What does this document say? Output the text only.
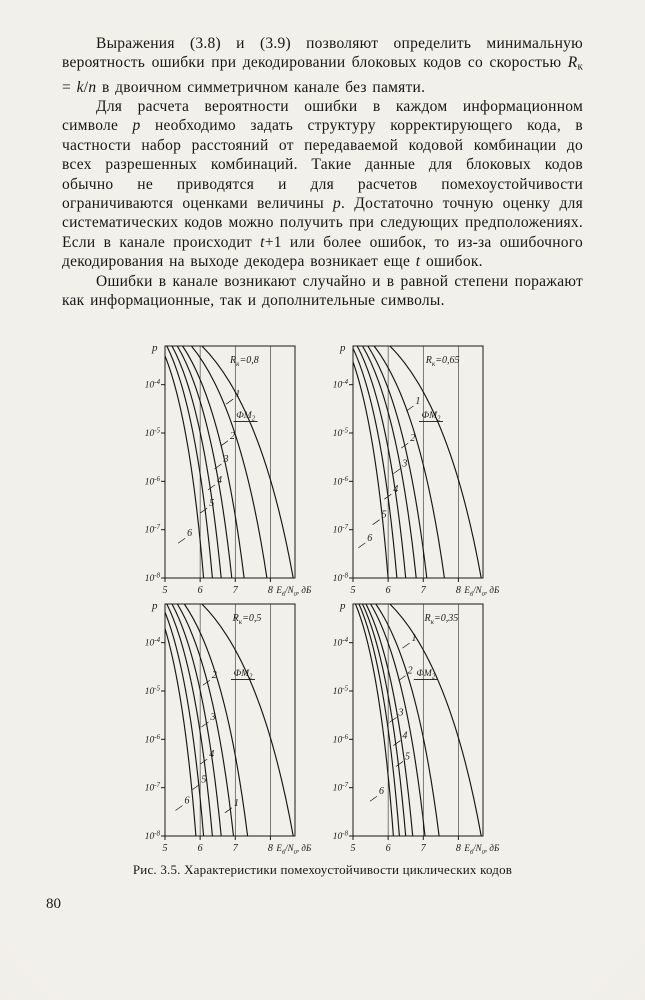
Выражения (3.8) и (3.9) позволяют определить минимальную вероятность ошибки при декодировании блоковых кодов со скоростью Rк = k/n в двоичном симметричном канале без памяти.

Для расчета вероятности ошибки в каждом информационном символе p необходимо задать структуру корректирующего кода, в частности набор расстояний от передаваемой кодовой комбинации до всех разрешенных комбинаций. Такие данные для блоковых кодов обычно не приводятся и для расчетов помехоустойчивости ограничиваются оценками величины p. Достаточно точную оценку для систематических кодов можно получить при следующих предположениях. Если в канале происходит t+1 или более ошибок, то из-за ошибочного декодирования на выходе декодера возникает еще t ошибок.

Ошибки в канале возникают случайно и в равной степени поражают как информационные, так и дополнительные символы.

$10^{-4}$
$10^{-5}$
$10^{-6}$
$10^{-7}$
$10^{-8}$
5	6	7	8 $E_б/N_0$, дБ
p
1
2
3
4
5
6
$ФМ_2$
$R_к=0,8$
$10^{-4}$
$10^{-5}$
$10^{-6}$
$10^{-7}$
$10^{-8}$
5	6	7	8 $E_б/N_0$, дБ
p
1
2
3
4
5
6
$ФМ_2$
$R_к=0,65$
$10^{-4}$
$10^{-5}$
$10^{-6}$
$10^{-7}$
$10^{-8}$
5	6	7	8 $E_б/N_0$, дБ
p
2
3
4
5
6	1
$ФМ_2$
$R_к=0,5$
$10^{-4}$
$10^{-5}$
$10^{-6}$
$10^{-7}$
$10^{-8}$
5	6	7	8 $E_б/N_0$, дБ
p
1
2
3
4
5
6
$ФМ_2$
$R_к=0,35$
Рис. 3.5. Характеристики помехоустойчивости циклических кодов
80
